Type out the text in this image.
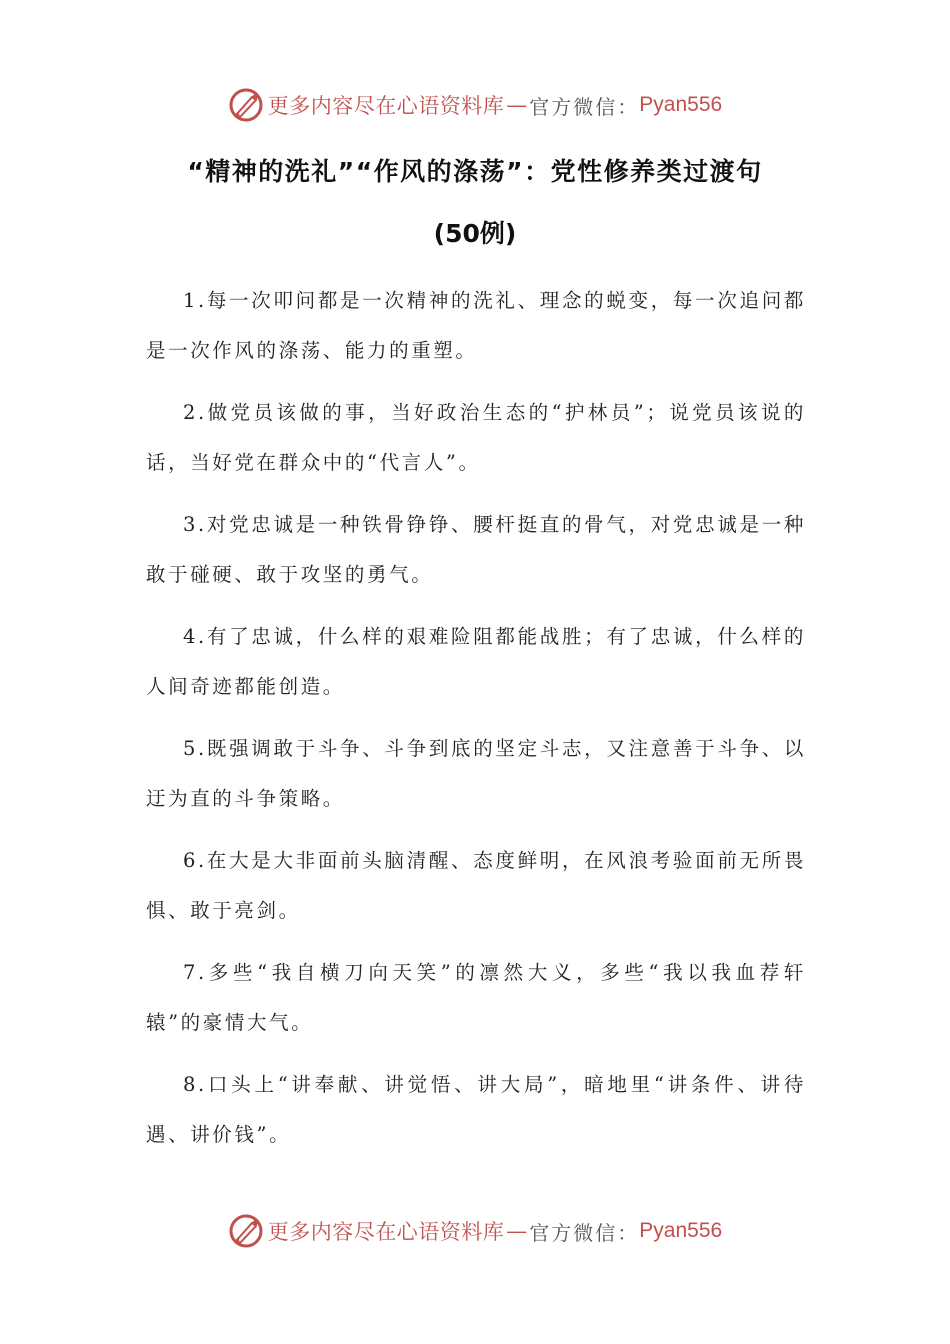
更多内容尽在心语资料库 — 官方微信： Pyan556
“精神的洗礼”“作风的涤荡”：党性修养类过渡句
(50例)

1.每一次叩问都是一次精神的洗礼、理念的蜕变，每一次追问都是一次作风的涤荡、能力的重塑。

2.做党员该做的事，当好政治生态的“护林员”；说党员该说的话，当好党在群众中的“代言人”。

3.对党忠诚是一种铁骨铮铮、腰杆挺直的骨气，对党忠诚是一种敢于碰硬、敢于攻坚的勇气。

4.有了忠诚，什么样的艰难险阻都能战胜；有了忠诚，什么样的人间奇迹都能创造。

5.既强调敢于斗争、斗争到底的坚定斗志，又注意善于斗争、以迂为直的斗争策略。

6.在大是大非面前头脑清醒、态度鲜明，在风浪考验面前无所畏惧、敢于亮剑。

7.多些“我自横刀向天笑”的凛然大义，多些“我以我血荐轩辕”的豪情大气。

8.口头上“讲奉献、讲觉悟、讲大局”，暗地里“讲条件、讲待遇、讲价钱”。

更多内容尽在心语资料库 — 官方微信： Pyan556
